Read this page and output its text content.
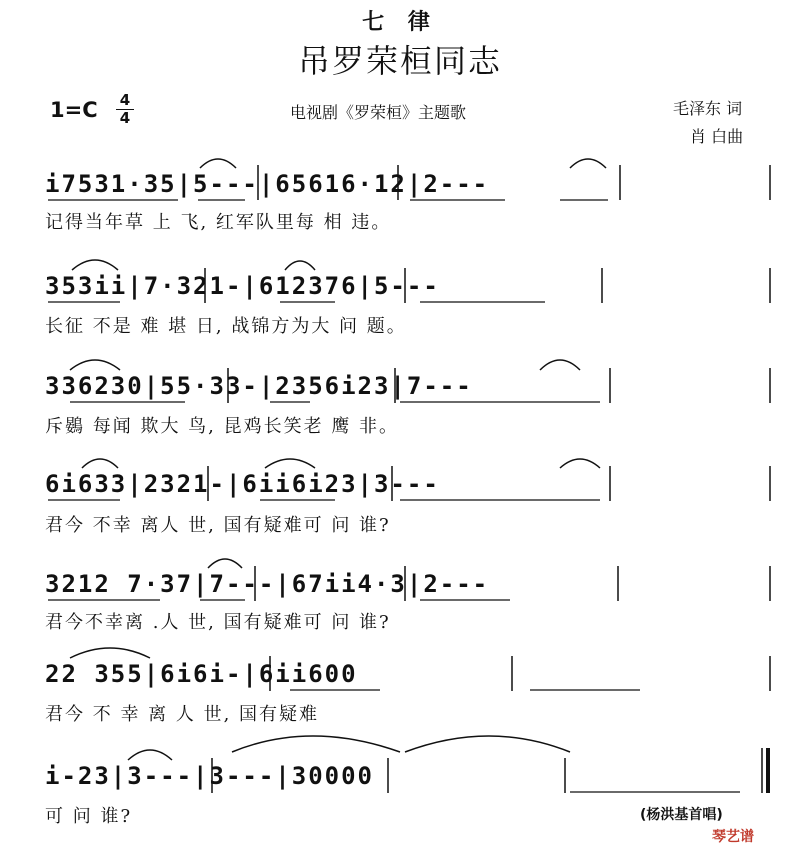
七 律
吊罗荣桓同志
1=C 4
4	电视剧《罗荣桓》主题歌	毛泽东 词
肖 白曲
i7531·35|5---|65616·12|2---
记得当年草 上 飞, 红军队里每 相 违。
353ii|7·321-|612376|5---
长征 不是 难 堪 日, 战锦方为大 问 题。
336230|55·33-|2356i23|7---
斥鷃 每闻 欺大 鸟, 昆鸡长笑老 鹰 非。
6i633|2321-|6ii6i23|3---
君今 不幸 离人 世, 国有疑难可 问 谁?
3212 7·37|7---|67ii4·3|2---
君今不幸离 .人 世, 国有疑难可 问 谁?
22 355|6i6i-|6ii600
君今 不 幸 离 人 世, 国有疑难
i-23|3---|3---|30000
可 问 谁?	(杨洪基首唱)
琴艺谱
